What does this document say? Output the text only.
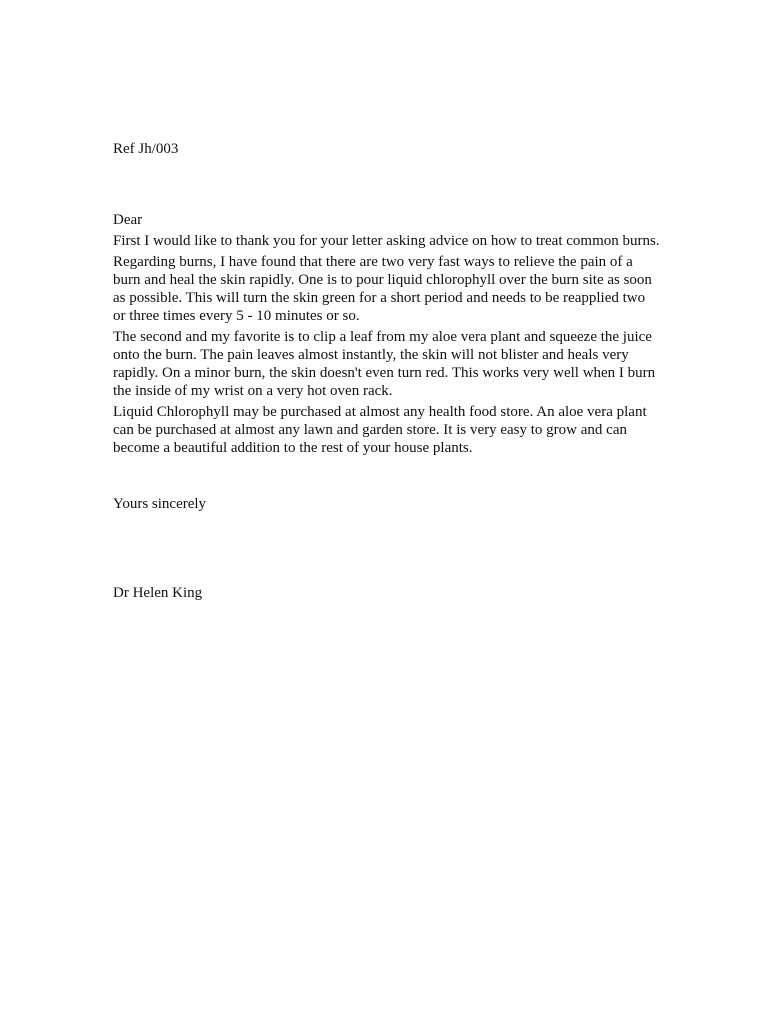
Ref Jh/003

Dear

First I would like to thank you for your letter asking advice on how to treat common burns.

Regarding burns, I have found that there are two very fast ways to relieve the pain of a burn and heal the skin rapidly. One is to pour liquid chlorophyll over the burn site as soon as possible. This will turn the skin green for a short period and needs to be reapplied two or three times every 5 - 10 minutes or so.

The second and my favorite is to clip a leaf from my aloe vera plant and squeeze the juice onto the burn. The pain leaves almost instantly, the skin will not blister and heals very rapidly. On a minor burn, the skin doesn't even turn red. This works very well when I burn the inside of my wrist on a very hot oven rack.

Liquid Chlorophyll may be purchased at almost any health food store. An aloe vera plant can be purchased at almost any lawn and garden store. It is very easy to grow and can become a beautiful addition to the rest of your house plants.

Yours sincerely

Dr Helen King
